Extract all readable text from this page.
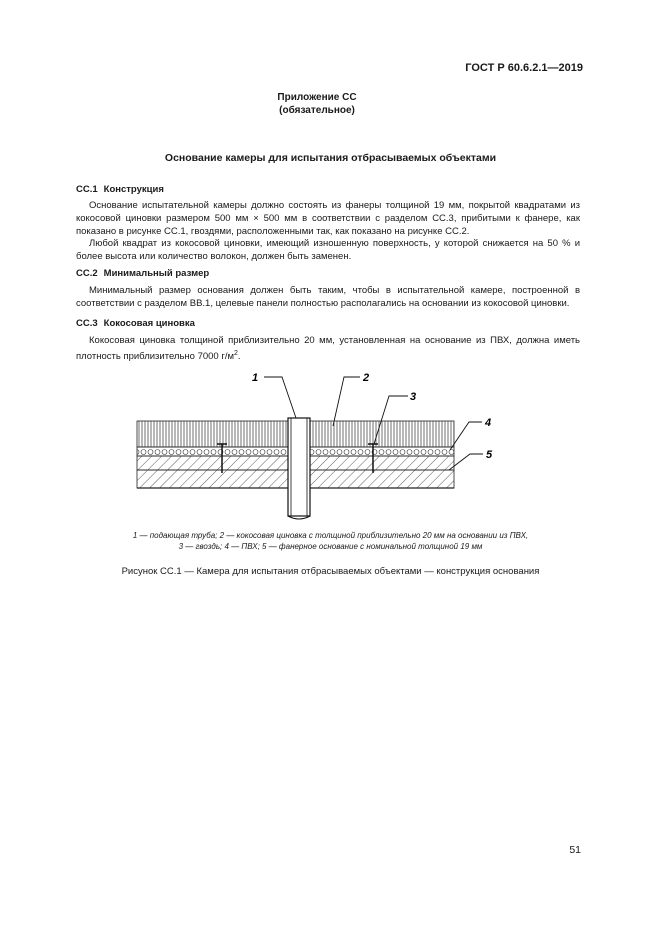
ГОСТ Р 60.6.2.1—2019
Приложение СС
(обязательное)
Основание камеры для испытания отбрасываемых объектами
СС.1 Конструкция
Основание испытательной камеры должно состоять из фанеры толщиной 19 мм, покрытой квадратами из кокосовой циновки размером 500 мм × 500 мм в соответствии с разделом СС.3, прибитыми к фанере, как показано в рисунке СС.1, гвоздями, расположенными так, как показано на рисунке СС.2.
Любой квадрат из кокосовой циновки, имеющий изношенную поверхность, у которой снижается на 50 % и более высота или количество волокон, должен быть заменен.
СС.2 Минимальный размер
Минимальный размер основания должен быть таким, чтобы в испытательной камере, построенной в соответствии с разделом ВВ.1, целевые панели полностью располагались на основании из кокосовой циновки.
СС.3 Кокосовая циновка
Кокосовая циновка толщиной приблизительно 20 мм, установленная на основание из ПВХ, должна иметь плотность приблизительно 7000 $г/м^2$.
1	2
3
4
5
1 — подающая труба; 2 — кокосовая циновка с толщиной приблизительно 20 мм на основании из ПВХ,
3 — гвоздь; 4 — ПВХ; 5 — фанерное основание с номинальной толщиной 19 мм
Рисунок СС.1 — Камера для испытания отбрасываемых объектами — конструкция основания
51
